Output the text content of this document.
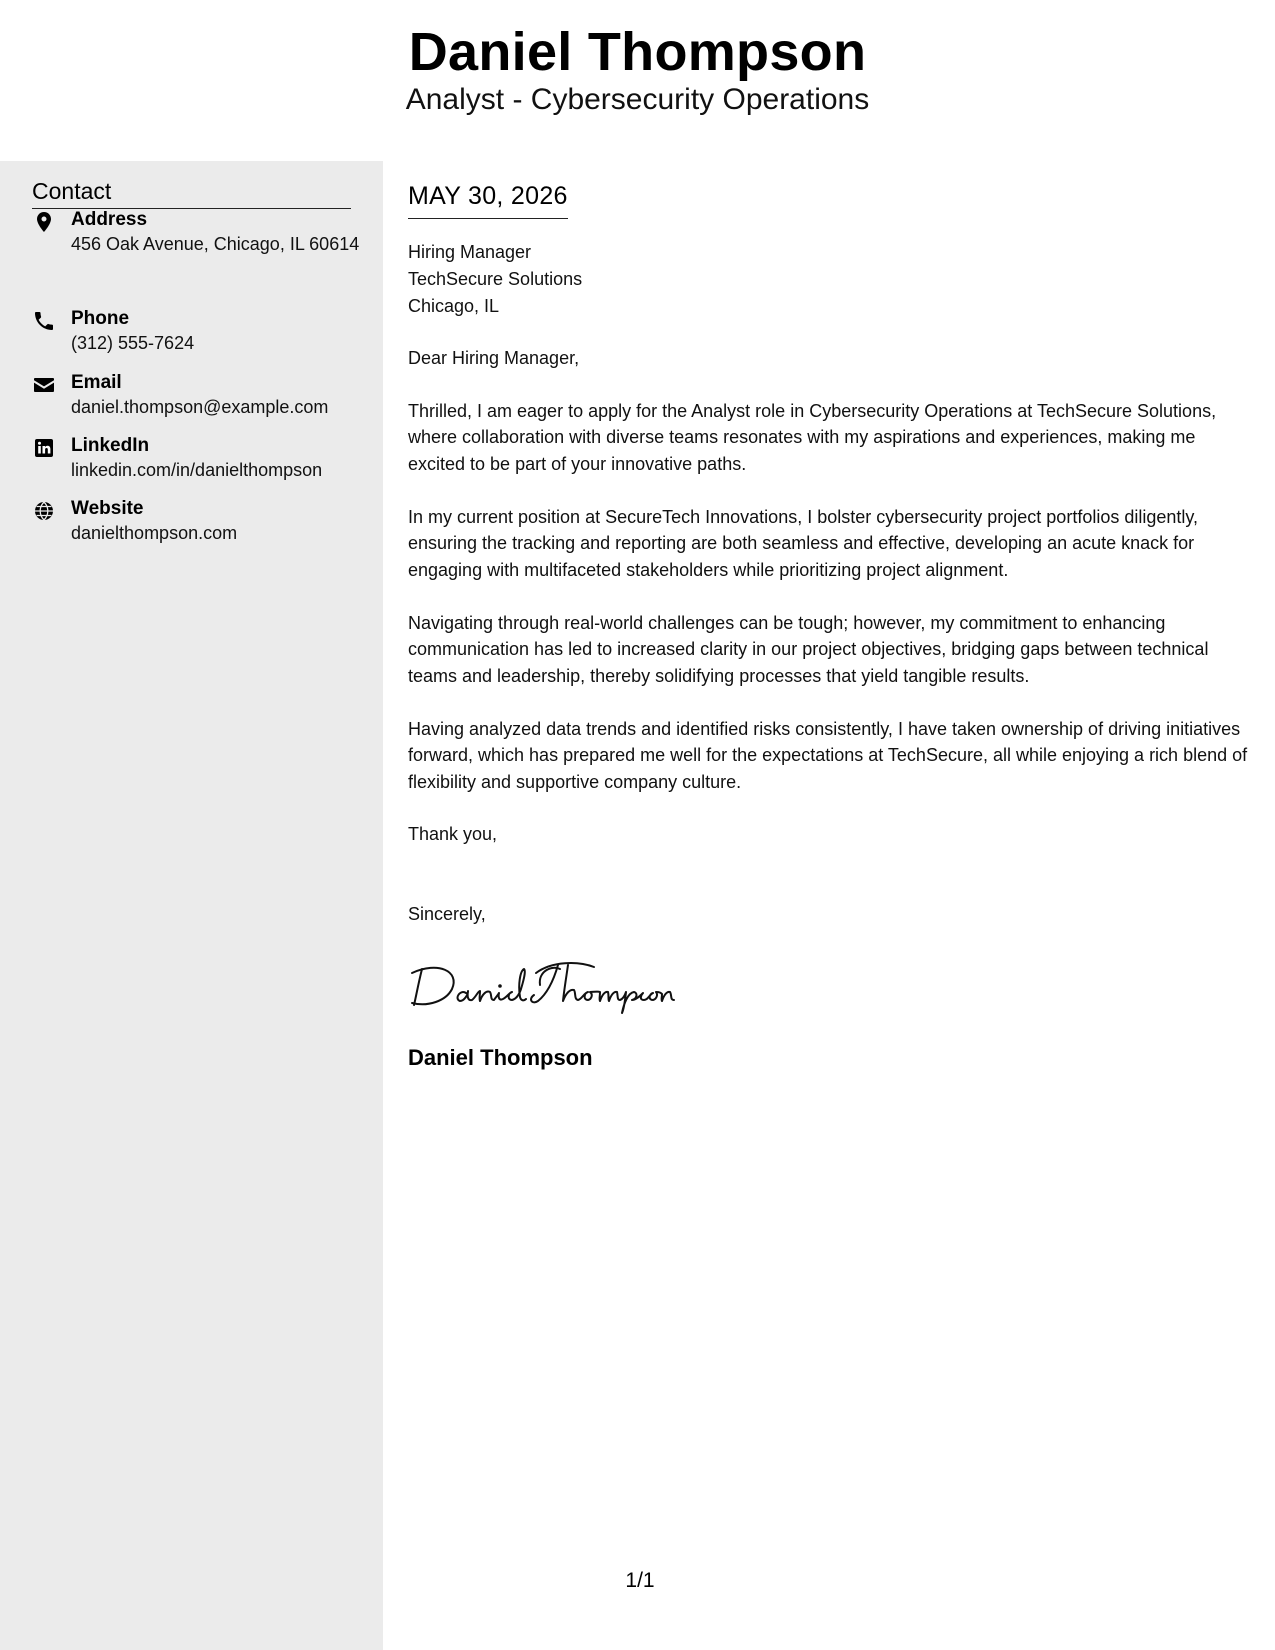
Daniel Thompson
Analyst - Cybersecurity Operations
Contact
Address
456 Oak Avenue, Chicago, IL 60614
Phone
(312) 555-7624
Email
daniel.thompson@example.com
LinkedIn
linkedin.com/in/danielthompson
Website
danielthompson.com
MAY 30, 2026
Hiring Manager
TechSecure Solutions
Chicago, IL
Dear Hiring Manager,
Thrilled, I am eager to apply for the Analyst role in Cybersecurity Operations at TechSecure Solutions, where collaboration with diverse teams resonates with my aspirations and experiences, making me excited to be part of your innovative paths.
In my current position at SecureTech Innovations, I bolster cybersecurity project portfolios diligently, ensuring the tracking and reporting are both seamless and effective, developing an acute knack for engaging with multifaceted stakeholders while prioritizing project alignment.
Navigating through real-world challenges can be tough; however, my commitment to enhancing communication has led to increased clarity in our project objectives, bridging gaps between technical teams and leadership, thereby solidifying processes that yield tangible results.
Having analyzed data trends and identified risks consistently, I have taken ownership of driving initiatives forward, which has prepared me well for the expectations at TechSecure, all while enjoying a rich blend of flexibility and supportive company culture.
Thank you,
Sincerely,
Daniel Thompson
1/1
